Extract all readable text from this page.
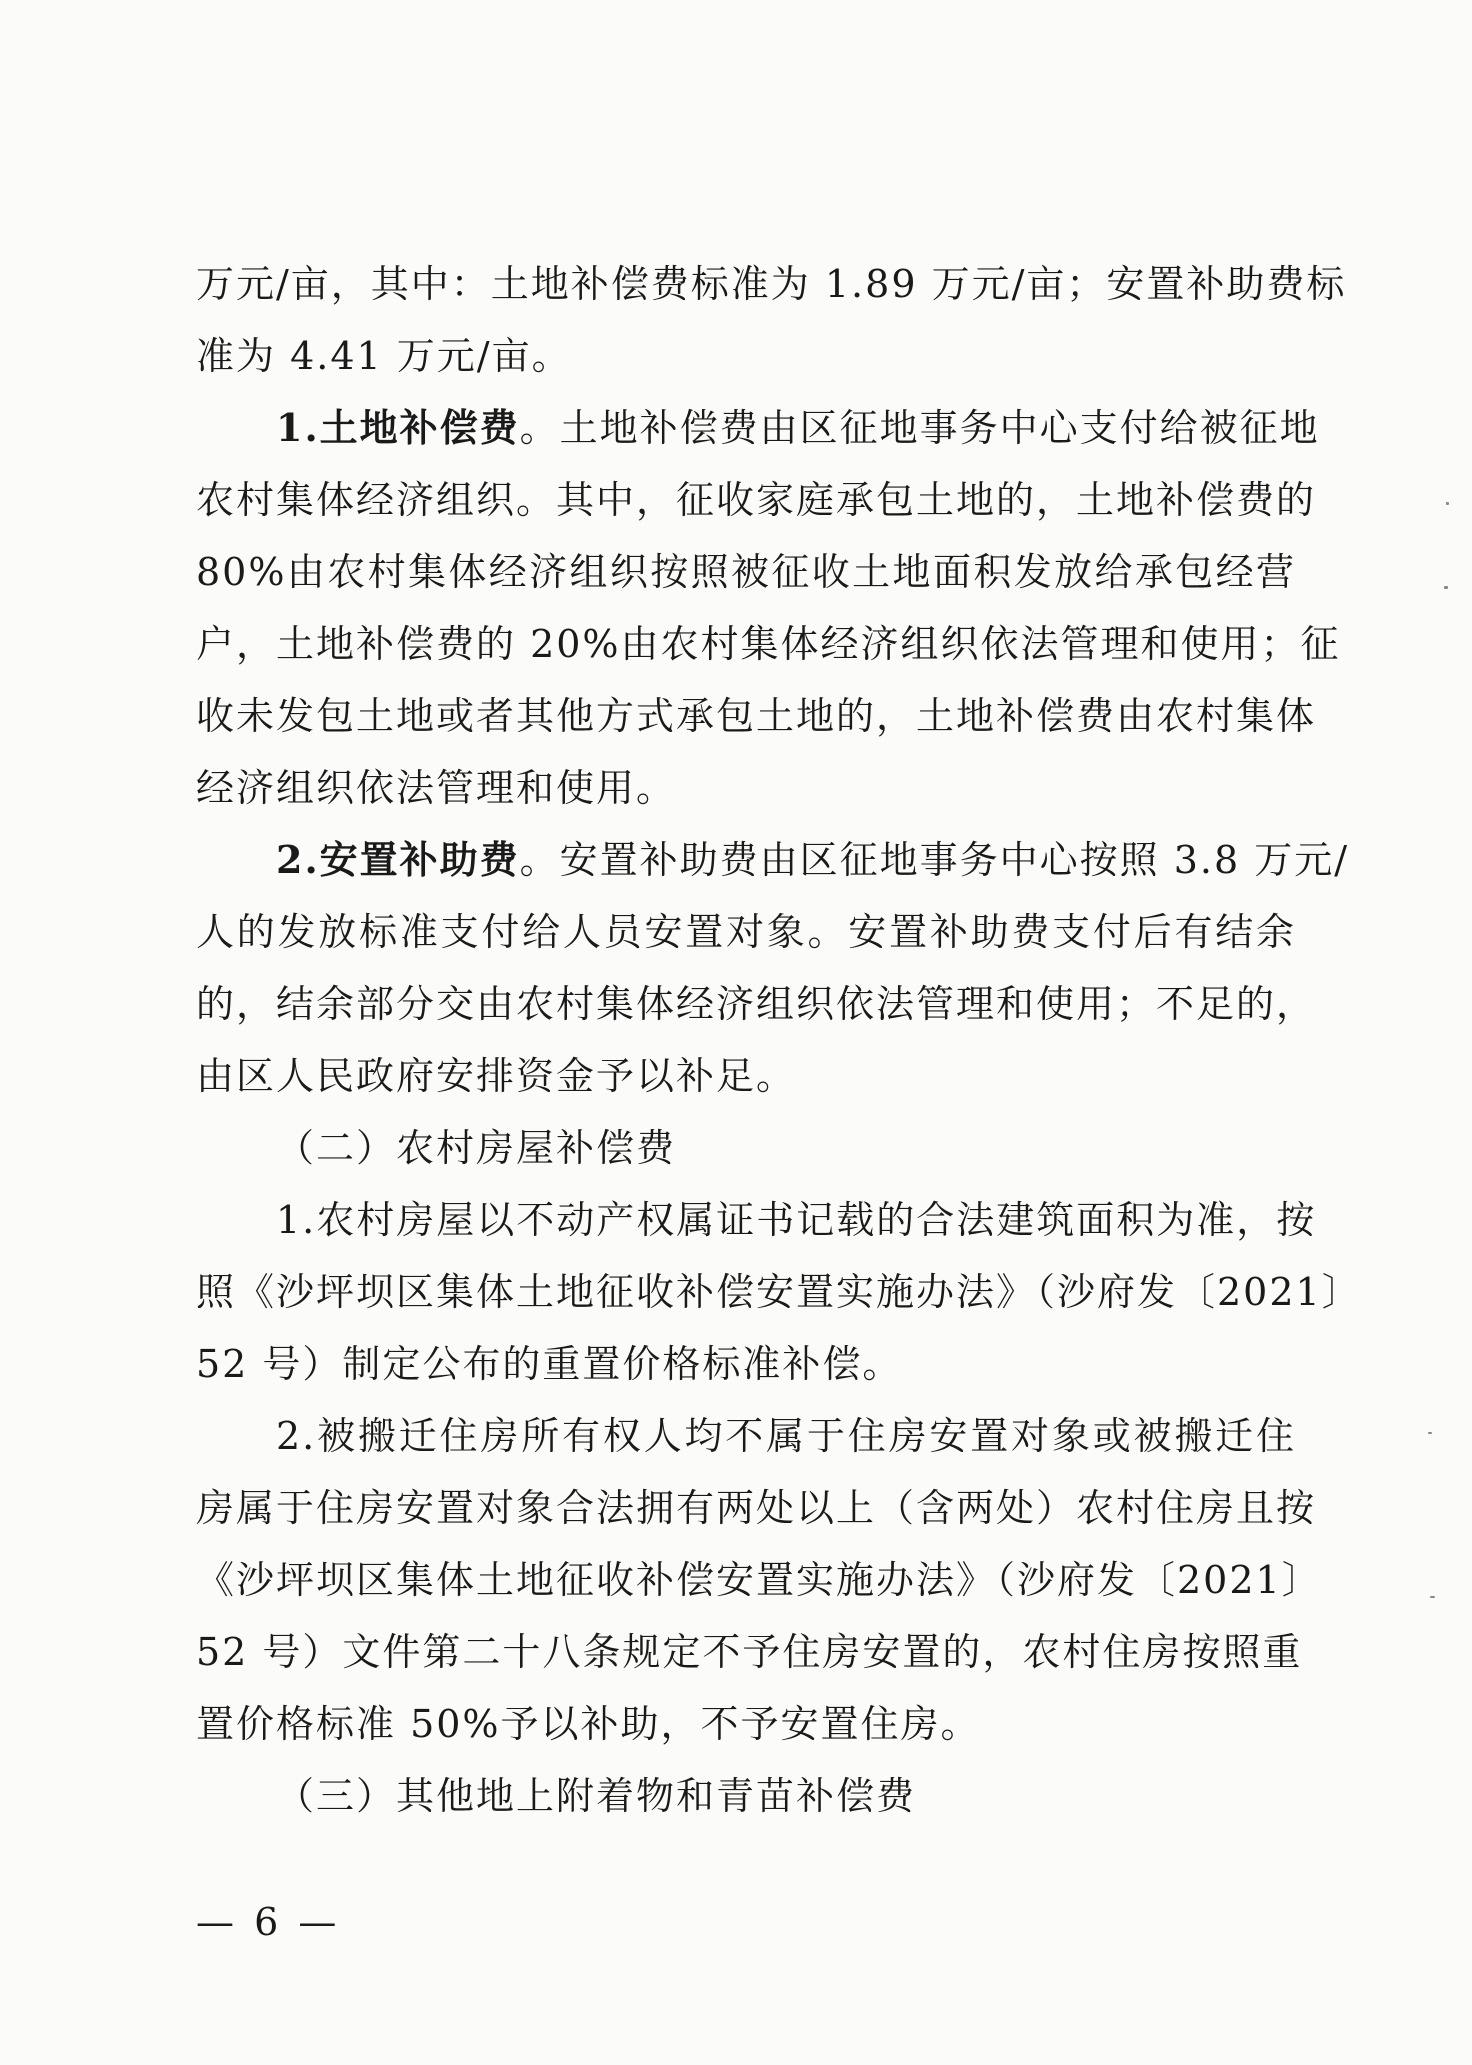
万元/亩，其中：土地补偿费标准为 1.89 万元/亩；安置补助费标
准为 4.41 万元/亩。
1.土地补偿费。土地补偿费由区征地事务中心支付给被征地
农村集体经济组织。其中，征收家庭承包土地的，土地补偿费的
80%由农村集体经济组织按照被征收土地面积发放给承包经营
户，土地补偿费的 20%由农村集体经济组织依法管理和使用；征
收未发包土地或者其他方式承包土地的，土地补偿费由农村集体
经济组织依法管理和使用。
2.安置补助费。安置补助费由区征地事务中心按照 3.8 万元/
人的发放标准支付给人员安置对象。安置补助费支付后有结余
的，结余部分交由农村集体经济组织依法管理和使用；不足的，
由区人民政府安排资金予以补足。
（二）农村房屋补偿费
1.农村房屋以不动产权属证书记载的合法建筑面积为准，按
照《沙坪坝区集体土地征收补偿安置实施办法》（沙府发〔2021〕
52 号）制定公布的重置价格标准补偿。
2.被搬迁住房所有权人均不属于住房安置对象或被搬迁住
房属于住房安置对象合法拥有两处以上（含两处）农村住房且按
《沙坪坝区集体土地征收补偿安置实施办法》（沙府发〔2021〕
52 号）文件第二十八条规定不予住房安置的，农村住房按照重
置价格标准 50%予以补助，不予安置住房。
（三）其他地上附着物和青苗补偿费
— 6 —
